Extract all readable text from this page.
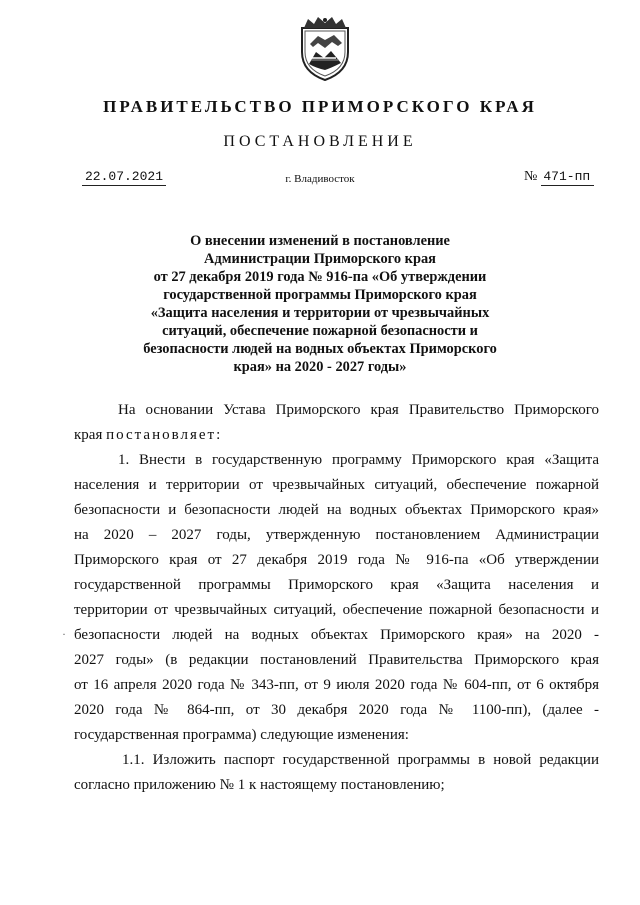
ПРАВИТЕЛЬСТВО ПРИМОРСКОГО КРАЯ
ПОСТАНОВЛЕНИЕ
22.07.2021	г. Владивосток	№ 471-пп
О внесении изменений в постановление
Администрации Приморского края
от 27 декабря 2019 года № 916-па «Об утверждении
государственной программы Приморского края
«Защита населения и территории от чрезвычайных
ситуаций, обеспечение пожарной безопасности и
безопасности людей на водных объектах Приморского
края» на 2020 - 2027 годы»
·
На основании Устава Приморского края Правительство Приморского
края постановляет:
1. Внести в государственную программу Приморского края «Защита
населения и территории от чрезвычайных ситуаций, обеспечение пожарной
безопасности и безопасности людей на водных объектах Приморского края»
на 2020 – 2027 годы, утвержденную постановлением Администрации
Приморского края от 27 декабря 2019 года № 916-па «Об утверждении
государственной программы Приморского края «Защита населения и
территории от чрезвычайных ситуаций, обеспечение пожарной безопасности и
безопасности людей на водных объектах Приморского края» на 2020 -
2027 годы» (в редакции постановлений Правительства Приморского края
от 16 апреля 2020 года № 343-пп, от 9 июля 2020 года № 604-пп, от 6 октября
2020 года № 864-пп, от 30 декабря 2020 года № 1100-пп), (далее -
государственная программа) следующие изменения:
1.1. Изложить паспорт государственной программы в новой редакции
согласно приложению № 1 к настоящему постановлению;
